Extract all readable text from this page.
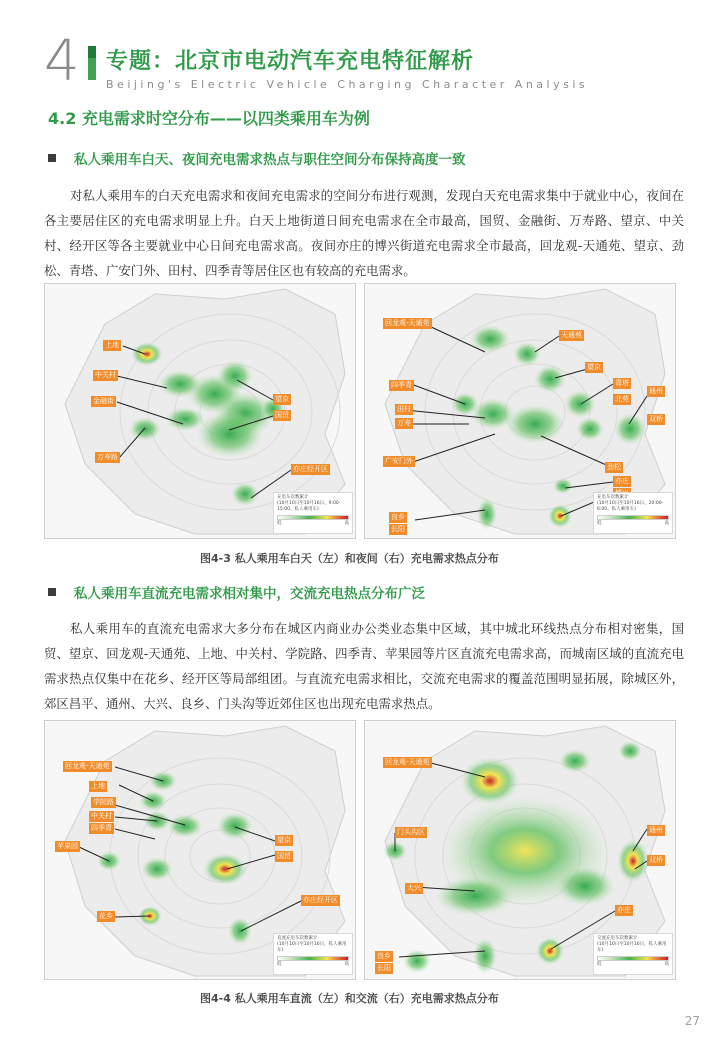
4 专题：北京市电动汽车充电特征解析
Beijing's Electric Vehicle Charging Character Analysis
4.2 充电需求时空分布——以四类乘用车为例
私人乘用车白天、夜间充电需求热点与职住空间分布保持高度一致
对私人乘用车的白天充电需求和夜间充电需求的空间分布进行观测，发现白天充电需求集中于就业中心，夜间在各主要居住区的充电需求明显上升。白天上地街道日间充电需求在全市最高，国贸、金融街、万寿路、望京、中关村、经开区等各主要就业中心日间充电需求高。夜间亦庄的博兴街道充电需求全市最高，回龙观-天通苑、望京、劲松、青塔、广安门外、田村、四季青等居住区也有较高的充电需求。
上地
中关村
金融街
万寿路
望京
国贸
亦庄经开区
充电车次数累计
(10月10日至10月16日、9:00-15:00、私人乘用车)
低	高
回龙观-天通苑
天通苑
望京
四季青
田村
万寿
广安门外
青塔
劲松
通州
双桥
北苑
亦庄
良乡
长阳
充电车次数累计
(10月10日至10月16日、20:00-6:00、私人乘用车)
低	高
图4-3 私人乘用车白天（左）和夜间（右）充电需求热点分布
私人乘用车直流充电需求相对集中，交流充电热点分布广泛
私人乘用车的直流充电需求大多分布在城区内商业办公类业态集中区域，其中城北环线热点分布相对密集，国贸、望京、回龙观-天通苑、上地、中关村、学院路、四季青、苹果园等片区直流充电需求高，而城南区域的直流充电需求热点仅集中在花乡、经开区等局部组团。与直流充电需求相比，交流充电需求的覆盖范围明显拓展，除城区外，郊区昌平、通州、大兴、良乡、门头沟等近郊住区也出现充电需求热点。
回龙观-天通苑
上地
学院路
中关村
四季青
苹果园
望京
国贸
亦庄经开区
花乡
直流充电车次数累计
(10月10日至10月16日、私人乘用车)
低	高
回龙观-天通苑
门头沟区
大兴
通州
双桥
良乡
长阳
亦庄
交流充电车次数累计
(10月10日至10月16日、私人乘用车)
低	高
图4-4 私人乘用车直流（左）和交流（右）充电需求热点分布
27
